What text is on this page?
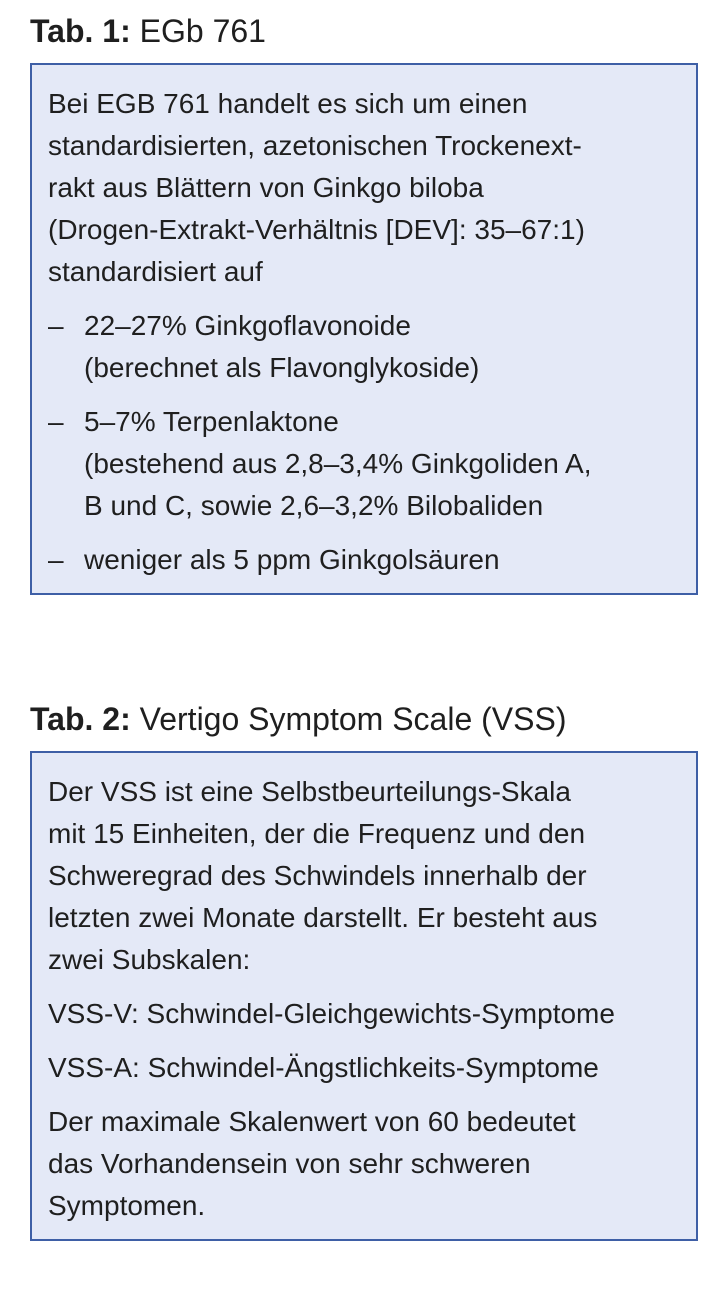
Tab. 1: EGb 761
Bei EGB 761 handelt es sich um einen
standardisierten, azetonischen Trockenext-
rakt aus Blättern von Ginkgo biloba
(Drogen-Extrakt-Verhältnis [DEV]: 35–67:1)
standardisiert auf
– 22–27% Ginkgoflavonoide
(berechnet als Flavonglykoside)
– 5–7% Terpenlaktone
(bestehend aus 2,8–3,4% Ginkgoliden A,
B und C, sowie 2,6–3,2% Bilobaliden
– weniger als 5 ppm Ginkgolsäuren
Tab. 2: Vertigo Symptom Scale (VSS)
Der VSS ist eine Selbstbeurteilungs-Skala
mit 15 Einheiten, der die Frequenz und den
Schweregrad des Schwindels innerhalb der
letzten zwei Monate darstellt. Er besteht aus
zwei Subskalen:
VSS-V: Schwindel-Gleichgewichts-Symptome
VSS-A: Schwindel-Ängstlichkeits-Symptome
Der maximale Skalenwert von 60 bedeutet
das Vorhandensein von sehr schweren
Symptomen.
